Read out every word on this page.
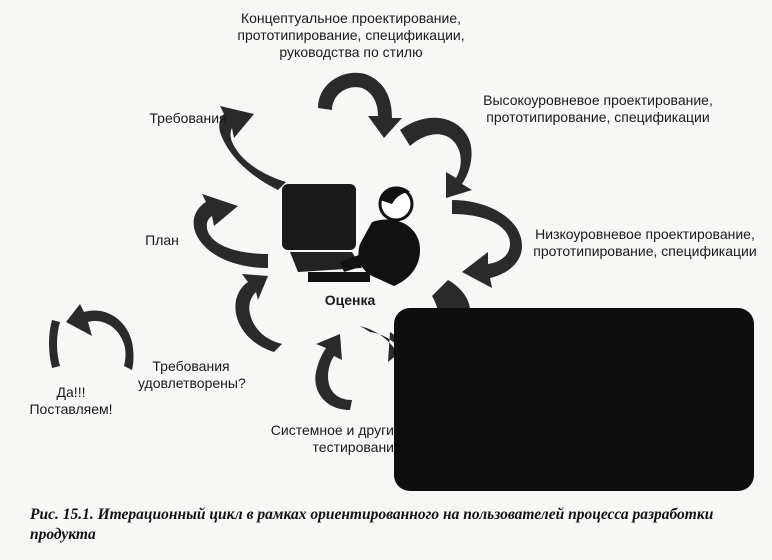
Концептуальное проектирование,
прототипирование, спецификации,
руководства по стилю
Высокоуровневое проектирование,
прототипирование, спецификации
Требования
Низкоуровневое проектирование,
прототипирование, спецификации
План
Оценка
Требования
удовлетворены?
Да!!!
Поставляем!
Системное и други
тестировани
Рис. 15.1. Итерационный цикл в рамках ориентированного на пользователей процесса разработки продукта
